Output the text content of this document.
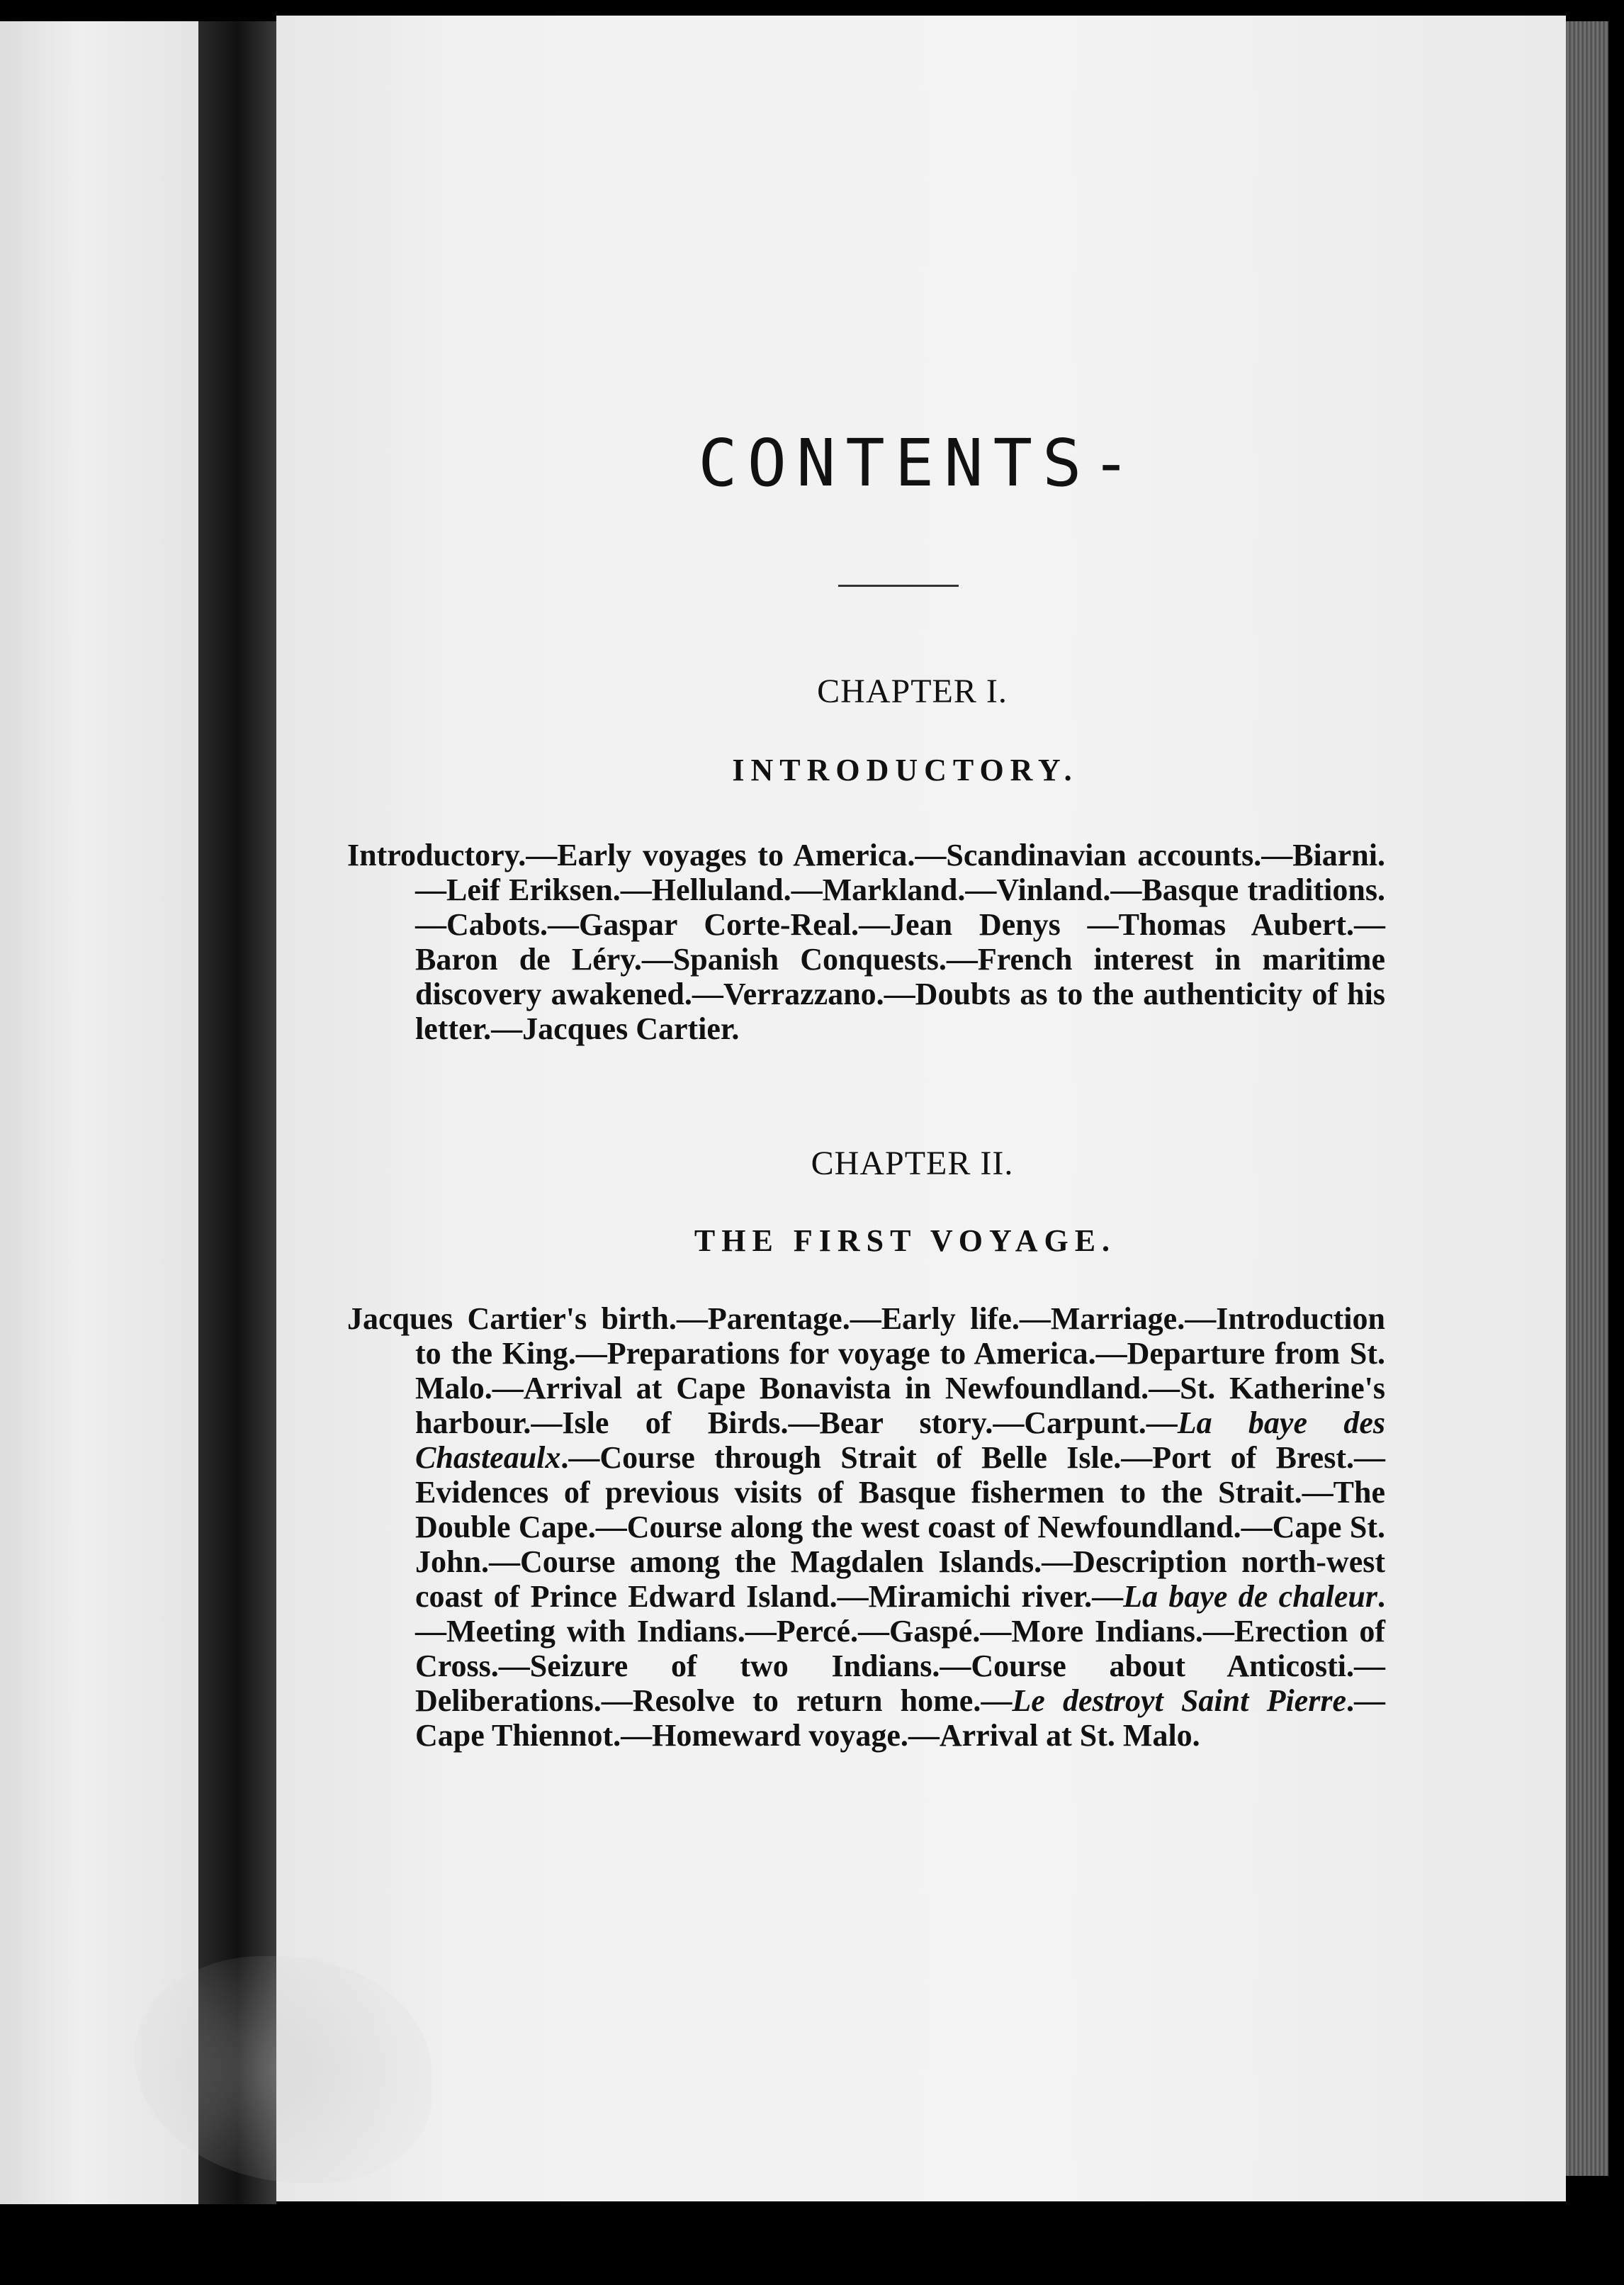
CONTENTS-

CHAPTER I.

INTRODUCTORY.

Introductory.—Early voyages to America.—Scandinavian accounts.—Biarni.—Leif Eriksen.—Helluland.—Markland.—Vinland.—Basque traditions.—Cabots.—Gaspar Corte-Real.—Jean Denys —Thomas Aubert.—Baron de Léry.—Spanish Conquests.—French interest in maritime discovery awakened.—Verrazzano.—Doubts as to the authenticity of his letter.—Jacques Cartier.

CHAPTER II.

THE FIRST VOYAGE.

Jacques Cartier's birth.—Parentage.—Early life.—Marriage.—Introduction to the King.—Preparations for voyage to America.—Departure from St. Malo.—Arrival at Cape Bonavista in Newfoundland.—St. Katherine's harbour.—Isle of Birds.—Bear story.—Carpunt.—La baye des Chasteaulx.—Course through Strait of Belle Isle.—Port of Brest.—Evidences of previous visits of Basque fishermen to the Strait.—The Double Cape.—Course along the west coast of Newfoundland.—Cape St. John.—Course among the Magdalen Islands.—Description north-west coast of Prince Edward Island.—Miramichi river.—La baye de chaleur.—Meeting with Indians.—Percé.—Gaspé.—More Indians.—Erection of Cross.—Seizure of two Indians.—Course about Anticosti.—Deliberations.—Resolve to return home.—Le destroyt Saint Pierre.—Cape Thiennot.—Homeward voyage.—Arrival at St. Malo.
